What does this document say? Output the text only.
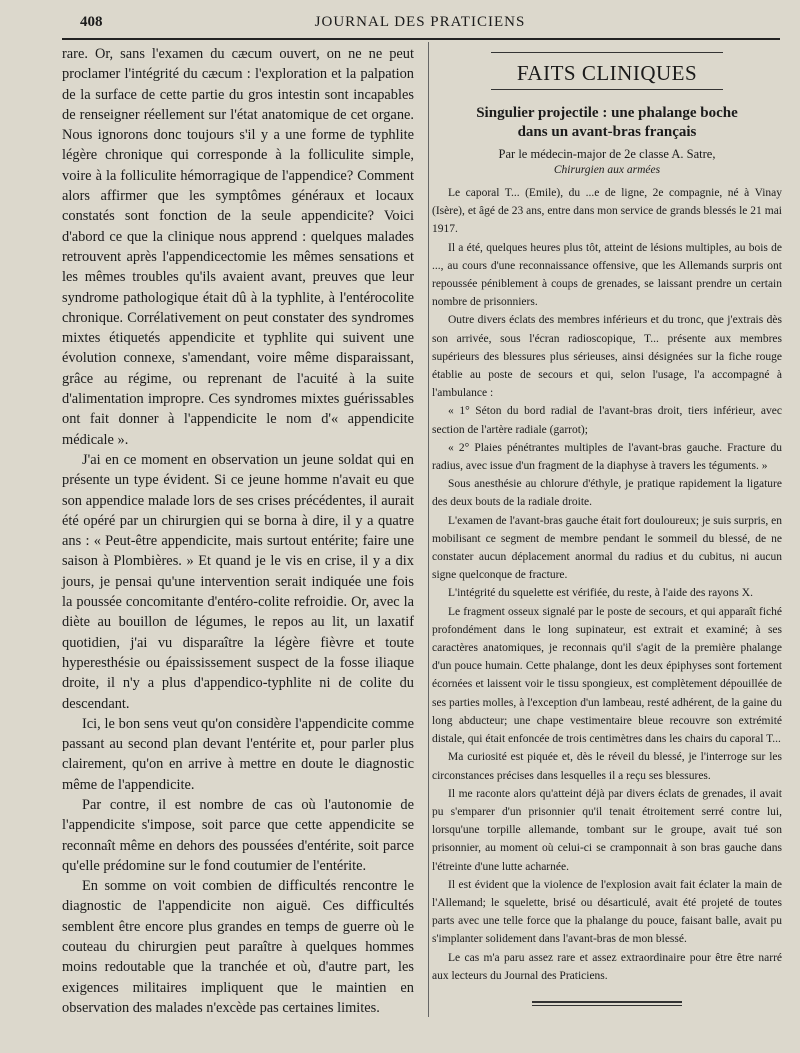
408	JOURNAL DES PRATICIENS

rare. Or, sans l'examen du cæcum ouvert, on ne ne peut proclamer l'intégrité du cæcum : l'exploration et la palpation de la surface de cette partie du gros intestin sont incapables de renseigner réellement sur l'état anatomique de cet organe. Nous ignorons donc toujours s'il y a une forme de typhlite légère chronique qui corresponde à la folliculite simple, voire à la folliculite hémorragique de l'appendice? Comment alors affirmer que les symptômes généraux et locaux constatés sont fonction de la seule appendicite? Voici d'abord ce que la clinique nous apprend : quelques malades retrouvent après l'appendicectomie les mêmes sensations et les mêmes troubles qu'ils avaient avant, preuves que leur syndrome pathologique était dû à la typhlite, à l'entérocolite chronique. Corrélativement on peut constater des syndromes mixtes étiquetés appendicite et typhlite qui suivent une évolution connexe, s'amendant, voire même disparaissant, grâce au régime, ou reprenant de l'acuité à la suite d'alimentation impropre. Ces syndromes mixtes guérissables ont fait donner à l'appendicite le nom d'« appendicite médicale ».

J'ai en ce moment en observation un jeune soldat qui en présente un type évident. Si ce jeune homme n'avait eu que son appendice malade lors de ses crises précédentes, il aurait été opéré par un chirurgien qui se borna à dire, il y a quatre ans : « Peut-être appendicite, mais surtout entérite; faire une saison à Plombières. » Et quand je le vis en crise, il y a dix jours, je pensai qu'une intervention serait indiquée une fois la poussée concomitante d'entéro-colite refroidie. Or, avec la diète au bouillon de légumes, le repos au lit, un laxatif quotidien, j'ai vu disparaître la légère fièvre et toute hyperesthésie ou épaississement suspect de la fosse iliaque droite, il n'y a plus d'appendico-typhlite ni de colite du descendant.

Ici, le bon sens veut qu'on considère l'appendicite comme passant au second plan devant l'entérite et, pour parler plus clairement, qu'on en arrive à mettre en doute le diagnostic même de l'appendicite.

Par contre, il est nombre de cas où l'autonomie de l'appendicite s'impose, soit parce que cette appendicite se reconnaît même en dehors des poussées d'entérite, soit parce qu'elle prédomine sur le fond coutumier de l'entérite.

En somme on voit combien de difficultés rencontre le diagnostic de l'appendicite non aiguë. Ces difficultés semblent être encore plus grandes en temps de guerre où le couteau du chirurgien peut paraître à quelques hommes moins redoutable que la tranchée et où, d'autre part, les exigences militaires impliquent que le maintien en observation des malades n'excède pas certaines limites.

FAITS CLINIQUES
Singulier projectile : une phalange boche
dans un avant-bras français
Par le médecin-major de 2e classe A. Satre,
Chirurgien aux armées

Le caporal T... (Emile), du ...e de ligne, 2e compagnie, né à Vinay (Isère), et âgé de 23 ans, entre dans mon service de grands blessés le 21 mai 1917.

Il a été, quelques heures plus tôt, atteint de lésions multiples, au bois de ..., au cours d'une reconnaissance offensive, que les Allemands surpris ont repoussée péniblement à coups de grenades, se laissant prendre un certain nombre de prisonniers.

Outre divers éclats des membres inférieurs et du tronc, que j'extrais dès son arrivée, sous l'écran radioscopique, T... présente aux membres supérieurs des blessures plus sérieuses, ainsi désignées sur la fiche rouge établie au poste de secours et qui, selon l'usage, l'a accompagné à l'ambulance :

« 1° Séton du bord radial de l'avant-bras droit, tiers inférieur, avec section de l'artère radiale (garrot);

« 2° Plaies pénétrantes multiples de l'avant-bras gauche. Fracture du radius, avec issue d'un fragment de la diaphyse à travers les téguments. »

Sous anesthésie au chlorure d'éthyle, je pratique rapidement la ligature des deux bouts de la radiale droite.

L'examen de l'avant-bras gauche était fort douloureux; je suis surpris, en mobilisant ce segment de membre pendant le sommeil du blessé, de ne constater aucun déplacement anormal du radius et du cubitus, ni aucun signe quelconque de fracture.

L'intégrité du squelette est vérifiée, du reste, à l'aide des rayons X.

Le fragment osseux signalé par le poste de secours, et qui apparaît fiché profondément dans le long supinateur, est extrait et examiné; à ses caractères anatomiques, je reconnais qu'il s'agit de la première phalange d'un pouce humain. Cette phalange, dont les deux épiphyses sont fortement écornées et laissent voir le tissu spongieux, est complètement dépouillée de ses parties molles, à l'exception d'un lambeau, resté adhérent, de la gaine du long abducteur; une chape vestimentaire bleue recouvre son extrémité distale, qui était enfoncée de trois centimètres dans les chairs du caporal T...

Ma curiosité est piquée et, dès le réveil du blessé, je l'interroge sur les circonstances précises dans lesquelles il a reçu ses blessures.

Il me raconte alors qu'atteint déjà par divers éclats de grenades, il avait pu s'emparer d'un prisonnier qu'il tenait étroitement serré contre lui, lorsqu'une torpille allemande, tombant sur le groupe, avait tué son prisonnier, au moment où celui-ci se cramponnait à son bras gauche dans l'étreinte d'une lutte acharnée.

Il est évident que la violence de l'explosion avait fait éclater la main de l'Allemand; le squelette, brisé ou désarticulé, avait été projeté de toutes parts avec une telle force que la phalange du pouce, faisant balle, avait pu s'implanter solidement dans l'avant-bras de mon blessé.

Le cas m'a paru assez rare et assez extraordinaire pour être être narré aux lecteurs du Journal des Praticiens.
